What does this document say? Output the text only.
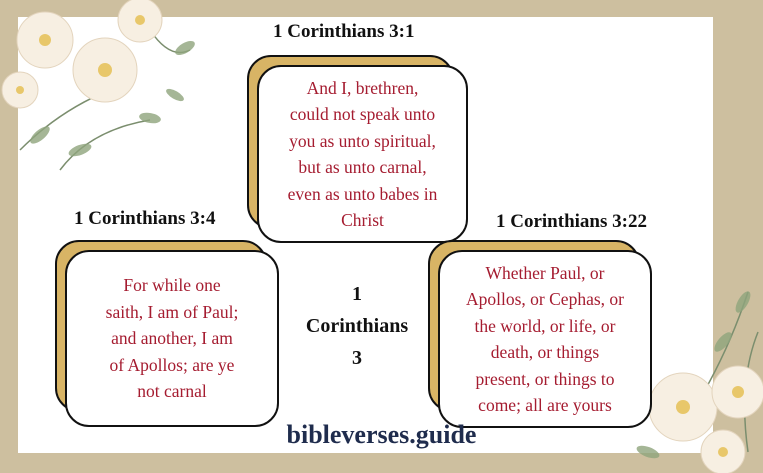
1 Corinthians 3:1
And I, brethren,
could not speak unto
you as unto spiritual,
but as unto carnal,
even as unto babes in
Christ
1 Corinthians 3:4
For while one
saith, I am of Paul;
and another, I am
of Apollos; are ye
not carnal
1 Corinthians 3:22
Whether Paul, or
Apollos, or Cephas, or
the world, or life, or
death, or things
present, or things to
come; all are yours
1
Corinthians
3
bibleverses.guide
